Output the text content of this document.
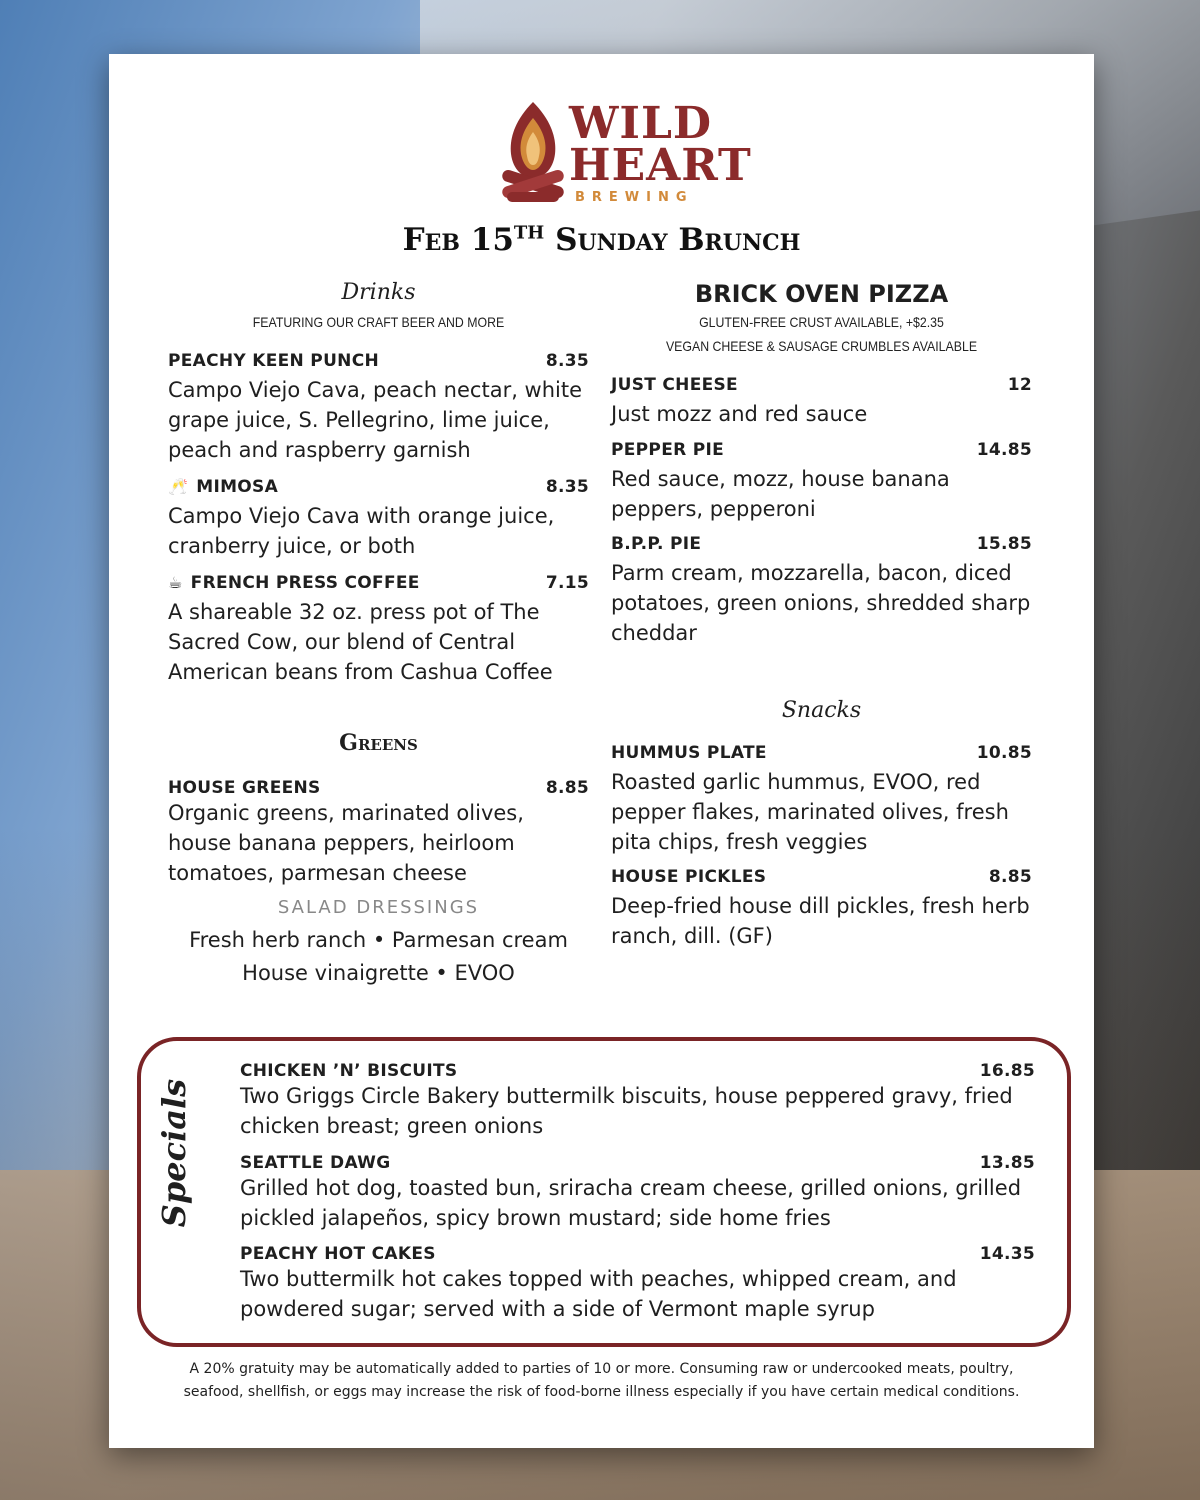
WILD
HEART
BREWING
Feb 15TH Sunday Brunch
Drinks
FEATURING OUR CRAFT BEER AND MORE
PEACHY KEEN PUNCH	8.35
Campo Viejo Cava, peach nectar, white grape juice, S. Pellegrino, lime juice, peach and raspberry garnish
🥂 MIMOSA	8.35
Campo Viejo Cava with orange juice, cranberry juice, or both
☕ FRENCH PRESS COFFEE	7.15
A shareable 32 oz. press pot of The Sacred Cow, our blend of Central American beans from Cashua Coffee
Greens
HOUSE GREENS	8.85
Organic greens, marinated olives, house banana peppers, heirloom tomatoes, parmesan cheese
SALAD DRESSINGS
Fresh herb ranch • Parmesan cream
House vinaigrette • EVOO
BRICK OVEN PIZZA
GLUTEN-FREE CRUST AVAILABLE, +$2.35
VEGAN CHEESE & SAUSAGE CRUMBLES AVAILABLE
JUST CHEESE	12
Just mozz and red sauce
PEPPER PIE	14.85
Red sauce, mozz, house banana peppers, pepperoni
B.P.P. PIE	15.85
Parm cream, mozzarella, bacon, diced potatoes, green onions, shredded sharp cheddar
Snacks
HUMMUS PLATE	10.85
Roasted garlic hummus, EVOO, red pepper flakes, marinated olives, fresh pita chips, fresh veggies
HOUSE PICKLES	8.85
Deep-fried house dill pickles, fresh herb ranch, dill. (GF)
Specials
CHICKEN ’N’ BISCUITS	16.85
Two Griggs Circle Bakery buttermilk biscuits, house peppered gravy, fried chicken breast; green onions
SEATTLE DAWG	13.85
Grilled hot dog, toasted bun, sriracha cream cheese, grilled onions, grilled pickled jalapeños, spicy brown mustard; side home fries
PEACHY HOT CAKES	14.35
Two buttermilk hot cakes topped with peaches, whipped cream, and powdered sugar; served with a side of Vermont maple syrup
A 20% gratuity may be automatically added to parties of 10 or more. Consuming raw or undercooked meats, poultry,
seafood, shellfish, or eggs may increase the risk of food-borne illness especially if you have certain medical conditions.
